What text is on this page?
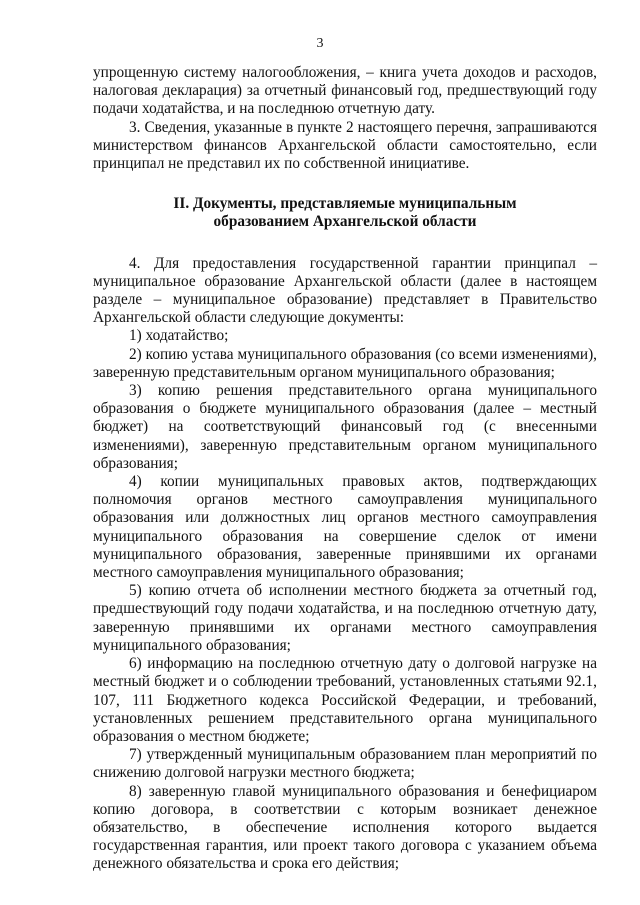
3

упрощенную систему налогообложения, – книга учета доходов и расходов, налоговая декларация) за отчетный финансовый год, предшествующий году подачи ходатайства, и на последнюю отчетную дату.

3. Сведения, указанные в пункте 2 настоящего перечня, запрашиваются министерством финансов Архангельской области самостоятельно, если принципал не представил их по собственной инициативе.

II. Документы, представляемые муниципальным
образованием Архангельской области

4. Для предоставления государственной гарантии принципал – муниципальное образование Архангельской области (далее в настоящем разделе – муниципальное образование) представляет в Правительство Архангельской области следующие документы:

1) ходатайство;

2) копию устава муниципального образования (со всеми изменениями), заверенную представительным органом муниципального образования;

3) копию решения представительного органа муниципального образования о бюджете муниципального образования (далее – местный бюджет) на соответствующий финансовый год (с внесенными изменениями), заверенную представительным органом муниципального образования;

4) копии муниципальных правовых актов, подтверждающих полномочия органов местного самоуправления муниципального образования или должностных лиц органов местного самоуправления муниципального образования на совершение сделок от имени муниципального образования, заверенные принявшими их органами местного самоуправления муниципального образования;

5) копию отчета об исполнении местного бюджета за отчетный год, предшествующий году подачи ходатайства, и на последнюю отчетную дату, заверенную принявшими их органами местного самоуправления муниципального образования;

6) информацию на последнюю отчетную дату о долговой нагрузке на местный бюджет и о соблюдении требований, установленных статьями 92.1, 107, 111 Бюджетного кодекса Российской Федерации, и требований, установленных решением представительного органа муниципального образования о местном бюджете;

7) утвержденный муниципальным образованием план мероприятий по снижению долговой нагрузки местного бюджета;

8) заверенную главой муниципального образования и бенефициаром копию договора, в соответствии с которым возникает денежное обязательство, в обеспечение исполнения которого выдается государственная гарантия, или проект такого договора с указанием объема денежного обязательства и срока его действия;
